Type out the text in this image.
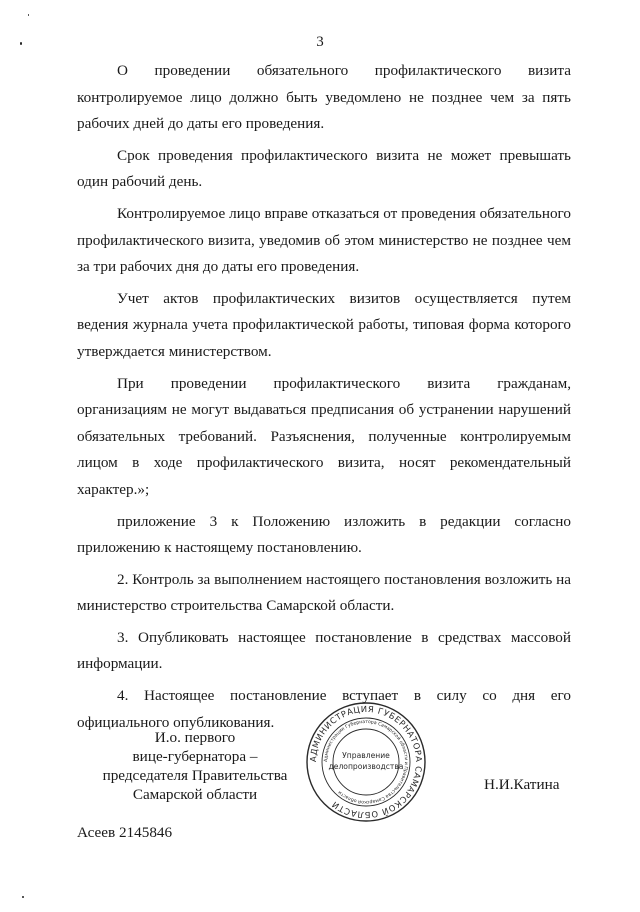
3

О проведении обязательного профилактического визита контролируемое лицо должно быть уведомлено не позднее чем за пять рабочих дней до даты его проведения.

Срок проведения профилактического визита не может превышать один рабочий день.

Контролируемое лицо вправе отказаться от проведения обязательного профилактического визита, уведомив об этом министерство не позднее чем за три рабочих дня до даты его проведения.

Учет актов профилактических визитов осуществляется путем ведения журнала учета профилактической работы, типовая форма которого утверждается министерством.

При проведении профилактического визита гражданам, организациям не могут выдаваться предписания об устранении нарушений обязательных требований. Разъяснения, полученные контролируемым лицом в ходе профилактического визита, носят рекомендательный характер.»;

приложение 3 к Положению изложить в редакции согласно приложению к настоящему постановлению.

2. Контроль за выполнением настоящего постановления возложить на министерство строительства Самарской области.

3. Опубликовать настоящее постановление в средствах массовой информации.

4. Настоящее постановление вступает в силу со дня его официального опубликования.

И.о. первого
вице-губернатора –
председателя Правительства
Самарской области
АДМИНИСТРАЦИЯ ГУБЕРНАТОРА САМАРСКОЙ ОБЛАСТИ
Администрации Губернатора Самарской области и Правительства Самарской области
Управление
делопроизводства
Н.И.Катина
Асеев 2145846
